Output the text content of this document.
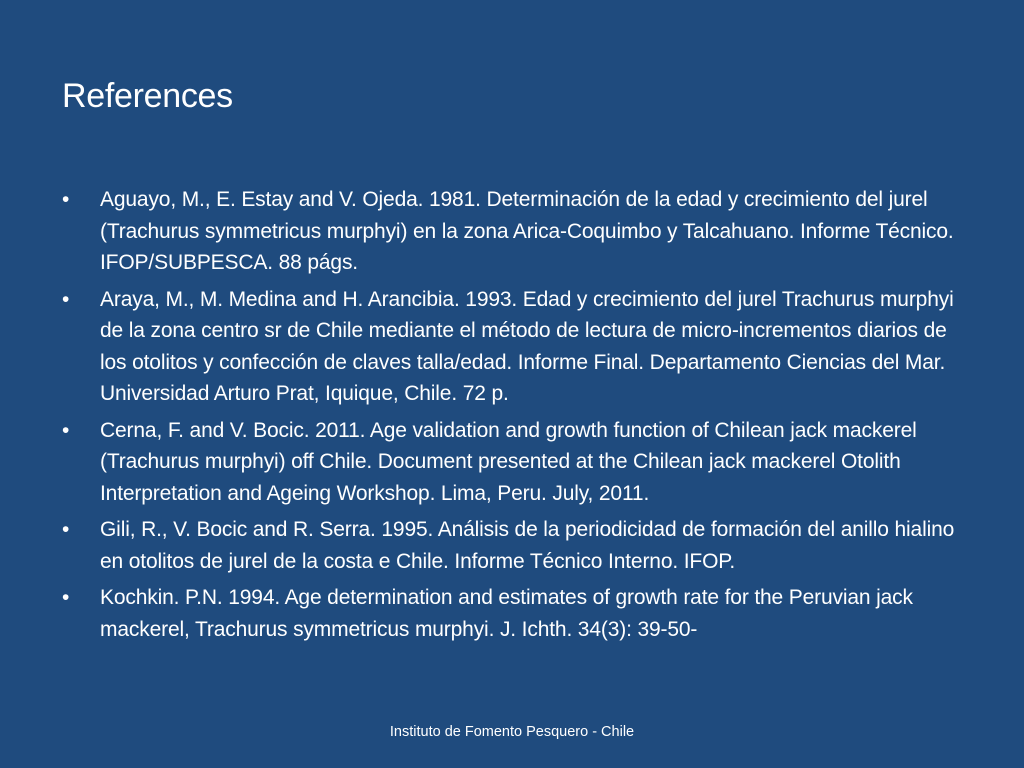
References
•	Aguayo, M., E. Estay and V. Ojeda. 1981. Determinación de la edad y crecimiento del jurel (Trachurus symmetricus murphyi) en la zona Arica-Coquimbo y Talcahuano. Informe Técnico. IFOP/SUBPESCA. 88 págs.
•	Araya, M., M. Medina and H. Arancibia. 1993. Edad y crecimiento del jurel Trachurus murphyi de la zona centro sr de Chile mediante el método de lectura de micro-incrementos diarios de los otolitos y confección de claves talla/edad. Informe Final. Departamento Ciencias del Mar. Universidad Arturo Prat, Iquique, Chile. 72 p.
•	Cerna, F. and V. Bocic. 2011. Age validation and growth function of Chilean jack mackerel (Trachurus murphyi) off Chile. Document presented at the Chilean jack mackerel Otolith Interpretation and Ageing Workshop. Lima, Peru. July, 2011.
•	Gili, R., V. Bocic and R. Serra. 1995. Análisis de la periodicidad de formación del anillo hialino en otolitos de jurel de la costa e Chile. Informe Técnico Interno. IFOP.
•	Kochkin. P.N. 1994. Age determination and estimates of growth rate for the Peruvian jack mackerel, Trachurus symmetricus murphyi. J. Ichth. 34(3): 39-50-
Instituto de Fomento Pesquero - Chile
